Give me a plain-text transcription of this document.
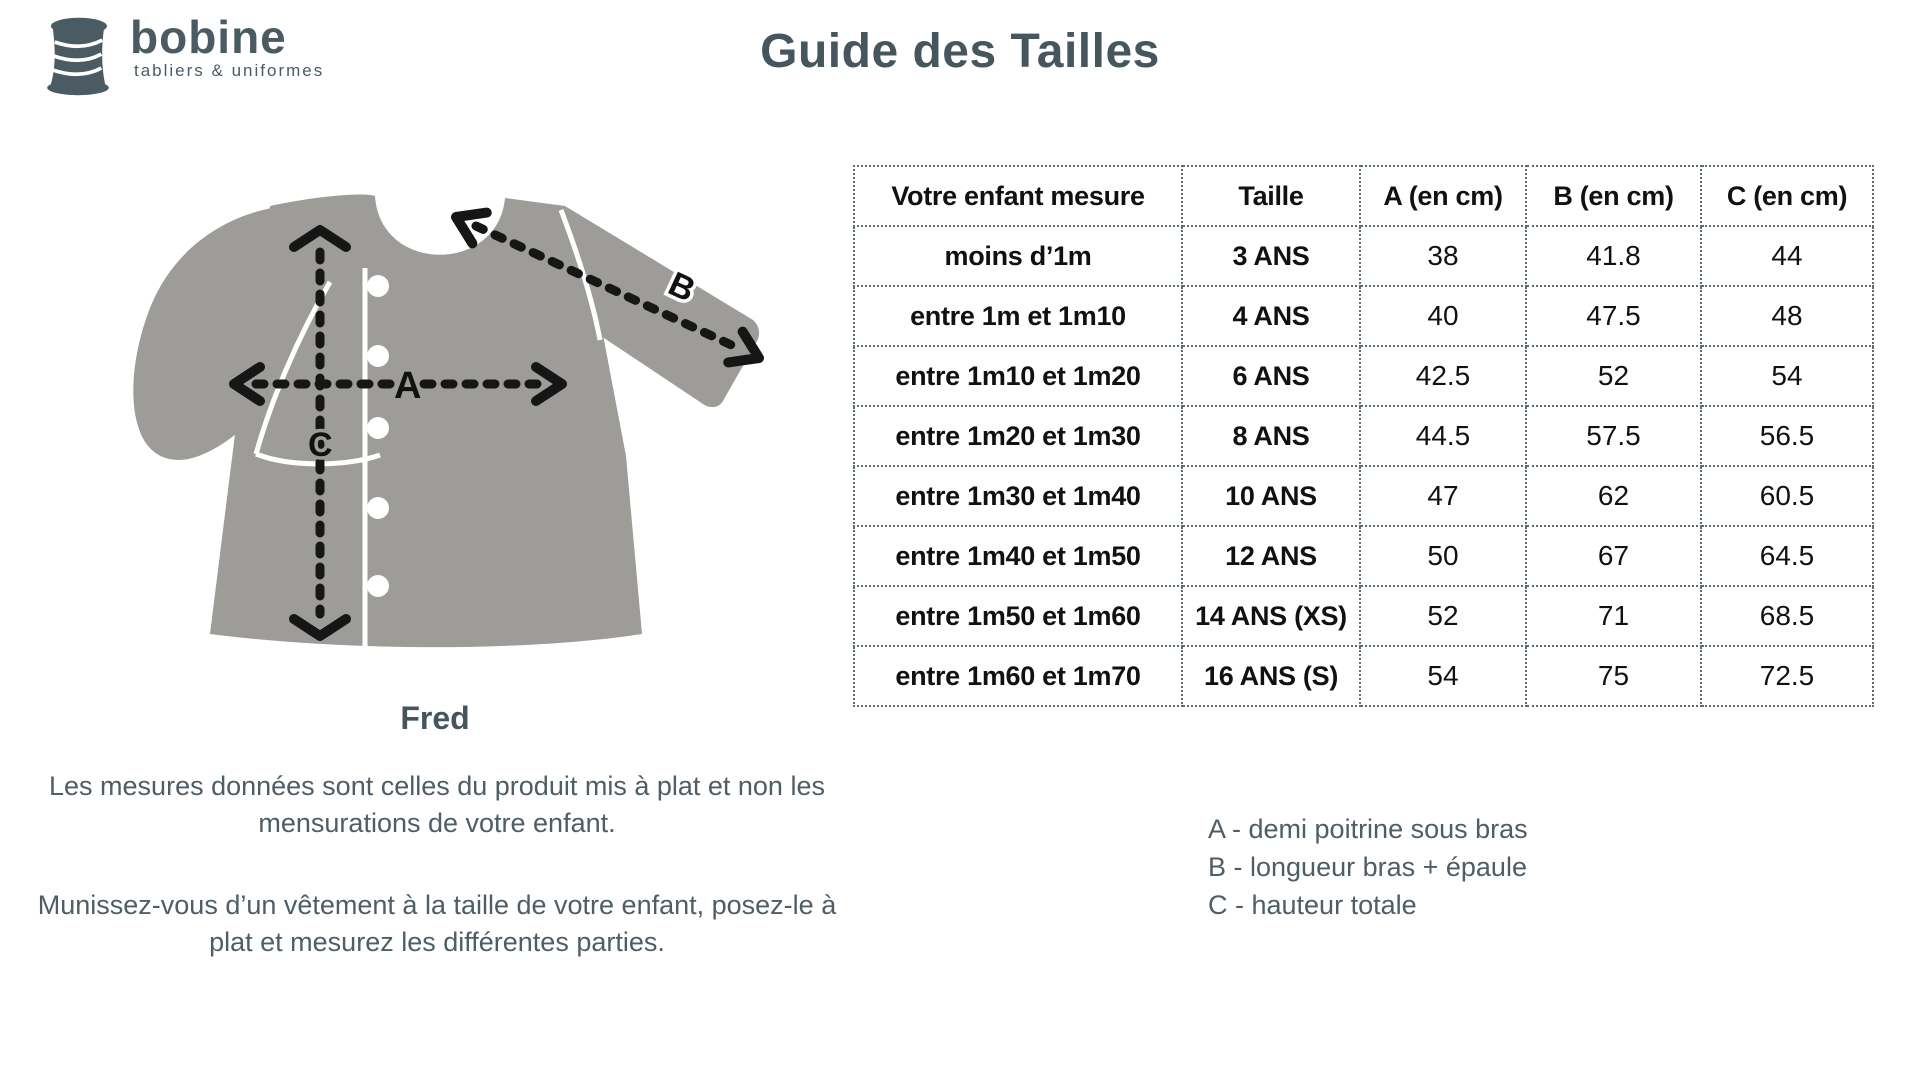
bobine
tabliers & uniformes	Guide des Tailles
A
C
B
Fred
Votre enfant mesure	Taille	A (en cm)	B (en cm)	C (en cm)
moins d’1m	3 ANS	38	41.8	44
entre 1m et 1m10	4 ANS	40	47.5	48
entre 1m10 et 1m20	6 ANS	42.5	52	54
entre 1m20 et 1m30	8 ANS	44.5	57.5	56.5
entre 1m30 et 1m40	10 ANS	47	62	60.5
entre 1m40 et 1m50	12 ANS	50	67	64.5
entre 1m50 et 1m60	14 ANS (XS)	52	71	68.5
entre 1m60 et 1m70	16 ANS (S)	54	75	72.5

Les mesures données sont celles du produit mis à plat et non les mensurations de votre enfant.

Munissez-vous d’un vêtement à la taille de votre enfant, posez-le à plat et mesurez les différentes parties.

A - demi poitrine sous bras
B - longueur bras + épaule
C - hauteur totale
